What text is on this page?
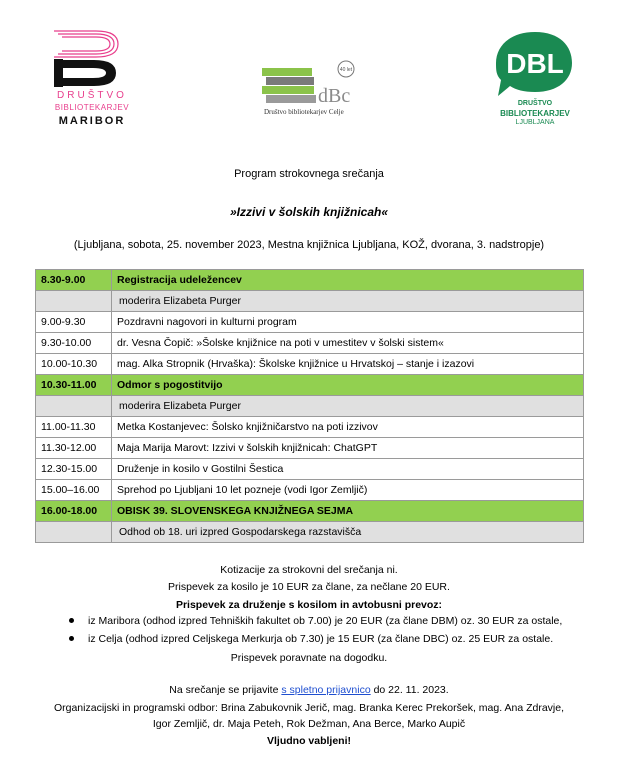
DRUŠTVO
BIBLIOTEKARJEV
MARIBOR
40 let
dBc
Društvo bibliotekarjev Celje
DBL
DRUŠTVO
BIBLIOTEKARJEV
LJUBLJANA
Program strokovnega srečanja
»Izzivi v šolskih knjižnicah«
(Ljubljana, sobota, 25. november 2023, Mestna knjižnica Ljubljana, KOŽ, dvorana, 3. nadstropje)
8.30-9.00	Registracija udeležencev
	moderira Elizabeta Purger
9.00-9.30	Pozdravni nagovori in kulturni program
9.30-10.00	dr. Vesna Čopič: »Šolske knjižnice na poti v umestitev v šolski sistem«
10.00-10.30	mag. Alka Stropnik (Hrvaška): Školske knjižnice u Hrvatskoj – stanje i izazovi
10.30-11.00	Odmor s pogostitvijo
	moderira Elizabeta Purger
11.00-11.30	Metka Kostanjevec: Šolsko knjižničarstvo na poti izzivov
11.30-12.00	Maja Marija Marovt: Izzivi v šolskih knjižnicah: ChatGPT
12.30-15.00	Druženje in kosilo v Gostilni Šestica
15.00–16.00	Sprehod po Ljubljani 10 let pozneje (vodi Igor Zemljič)
16.00-18.00	OBISK 39. SLOVENSKEGA KNJIŽNEGA SEJMA
	Odhod ob 18. uri izpred Gospodarskega razstavišča
Kotizacije za strokovni del srečanja ni.
Prispevek za kosilo je 10 EUR za člane, za nečlane 20 EUR.
Prispevek za druženje s kosilom in avtobusni prevoz:
iz Maribora (odhod izpred Tehniških fakultet ob 7.00) je 20 EUR (za člane DBM) oz. 30 EUR za ostale,
iz Celja (odhod izpred Celjskega Merkurja ob 7.30) je 15 EUR (za člane DBC) oz. 25 EUR za ostale.
Prispevek poravnate na dogodku.
Na srečanje se prijavite s spletno prijavnico do 22. 11. 2023.
Organizacijski in programski odbor: Brina Zabukovnik Jerič, mag. Branka Kerec Prekoršek, mag. Ana Zdravje,
Igor Zemljič, dr. Maja Peteh, Rok Dežman, Ana Berce, Marko Aupič
Vljudno vabljeni!
